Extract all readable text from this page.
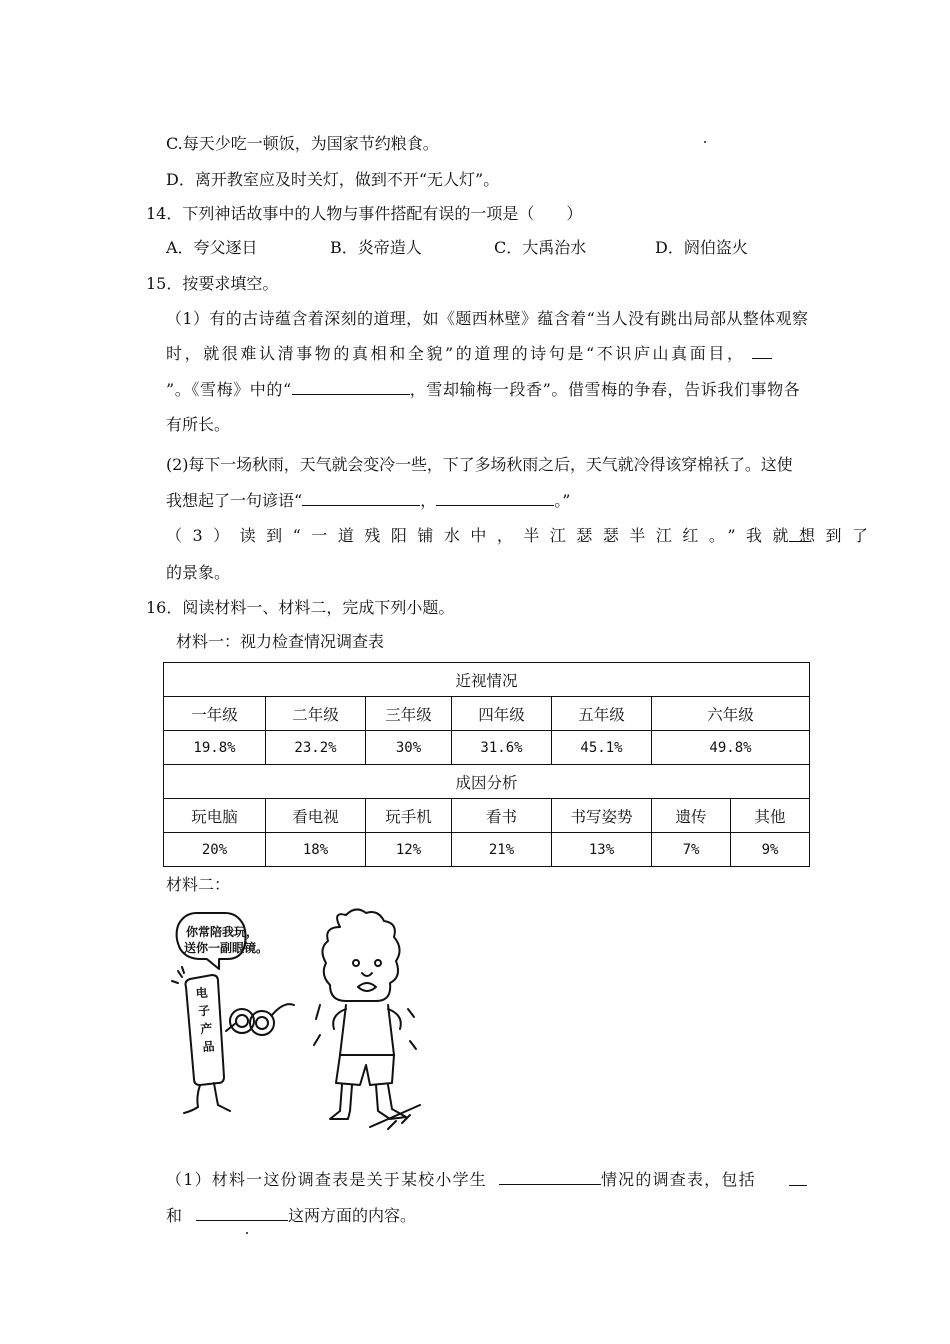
C.每天少吃一顿饭，为国家节约粮食。
D．离开教室应及时关灯，做到不开“无人灯”。
14．下列神话故事中的人物与事件搭配有误的一项是（　　）
A．夸父逐日	B．炎帝造人	C．大禹治水	D．阏伯盗火
15．按要求填空。
（1）有的古诗蕴含着深刻的道理，如《题西林壁》蕴含着“当人没有跳出局部从整体观察
时，就很难认清事物的真相和全貌”的道理的诗句是“不识庐山真面目，
”。《雪梅》中的“	，雪却输梅一段香”。借雪梅的争春，告诉我们事物各
有所长。
(2)每下一场秋雨，天气就会变冷一些，下了多场秋雨之后，天气就冷得该穿棉袄了。这使
我想起了一句谚语“	，	。”
（3）读到“一道残阳铺水中，半江瑟瑟半江红。”我就想到了
的景象。
16．阅读材料一、材料二，完成下列小题。
材料一：视力检查情况调查表
近视情况						
一年级	二年级	三年级	四年级	五年级	六年级	
19.8%	23.2%	30%	31.6%	45.1%	49.8%	
成因分析						
玩电脑	看电视	玩手机	看书	书写姿势	遗传	其他
20%	18%	12%	21%	13%	7%	9%
材料二：
你常陪我玩，
送你一副眼镜。
电
子
产
品
（1）材料一这份调查表是关于某校小学生	情况的调查表，包括
和	这两方面的内容。
